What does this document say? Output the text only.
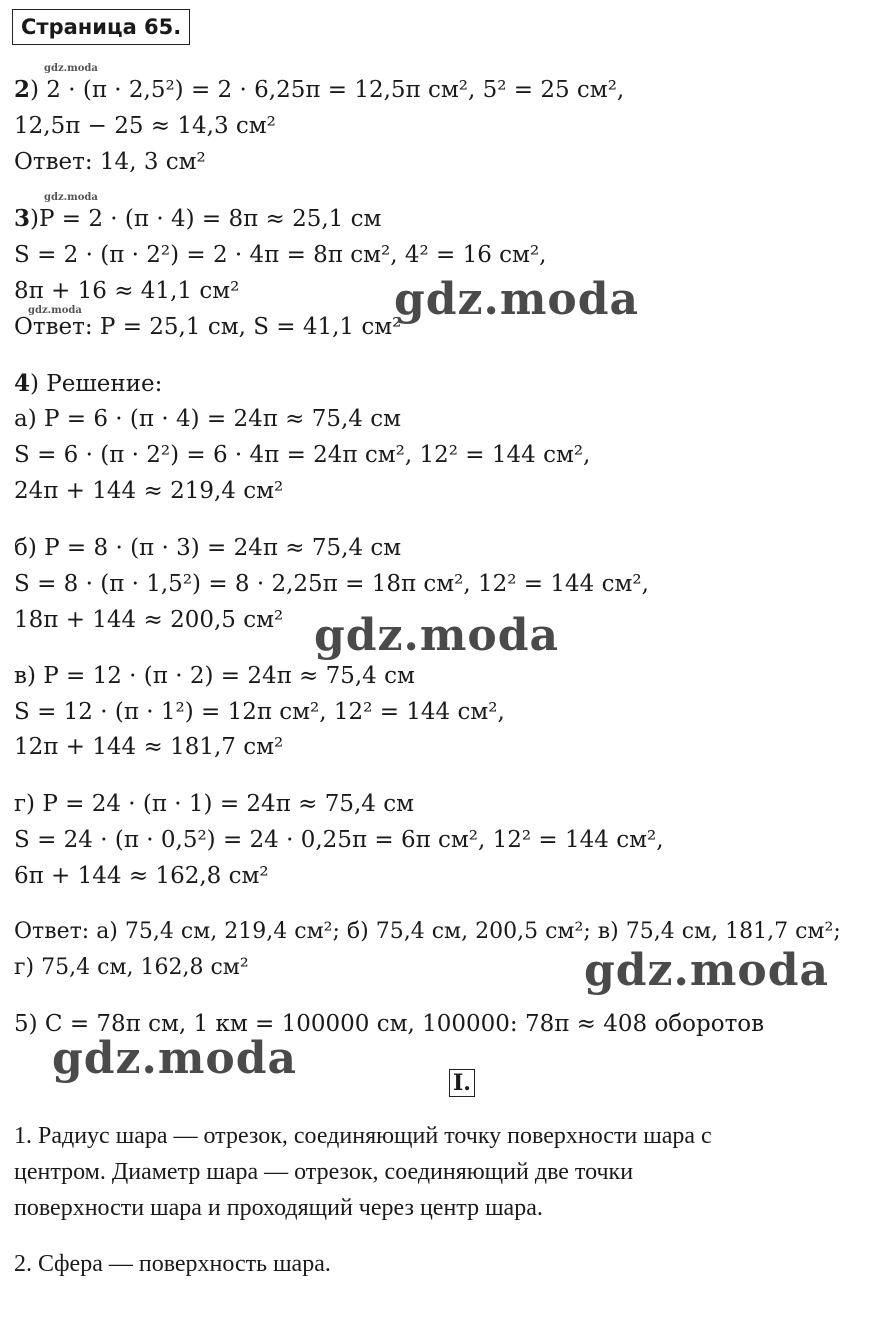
Страница 65.
gdz.moda
gdz.moda
gdz.moda
2) 2 · (π · 2,5²) = 2 · 6,25π = 12,5π см², 5² = 25 см²,
12,5π − 25 ≈ 14,3 см²
Ответ: 14, 3 см²
3)P = 2 · (π · 4) = 8π ≈ 25,1 см
S = 2 · (π · 2²) = 2 · 4π = 8π см², 4² = 16 см²,
8π + 16 ≈ 41,1 см²
Ответ: P = 25,1 см, S = 41,1 см²
4) Решение:
а) P = 6 · (π · 4) = 24π ≈ 75,4 см
S = 6 · (π · 2²) = 6 · 4π = 24π см², 12² = 144 см²,
24π + 144 ≈ 219,4 см²
б) P = 8 · (π · 3) = 24π ≈ 75,4 см
S = 8 · (π · 1,5²) = 8 · 2,25π = 18π см², 12² = 144 см²,
18π + 144 ≈ 200,5 см²
в) P = 12 · (π · 2) = 24π ≈ 75,4 см
S = 12 · (π · 1²) = 12π см², 12² = 144 см²,
12π + 144 ≈ 181,7 см²
г) P = 24 · (π · 1) = 24π ≈ 75,4 см
S = 24 · (π · 0,5²) = 24 · 0,25π = 6π см², 12² = 144 см²,
6π + 144 ≈ 162,8 см²
Ответ: а) 75,4 см, 219,4 см²; б) 75,4 см, 200,5 см²; в) 75,4 см, 181,7 см²;
г) 75,4 см, 162,8 см²
5) C = 78π см, 1 км = 100000 см, 100000: 78π ≈ 408 оборотов
I.
1. Радиус шара — отрезок, соединяющий точку поверхности шара с
центром. Диаметр шара — отрезок, соединяющий две точки
поверхности шара и проходящий через центр шара.
2. Сфера — поверхность шара.
gdz.moda
gdz.moda
gdz.moda
gdz.moda
